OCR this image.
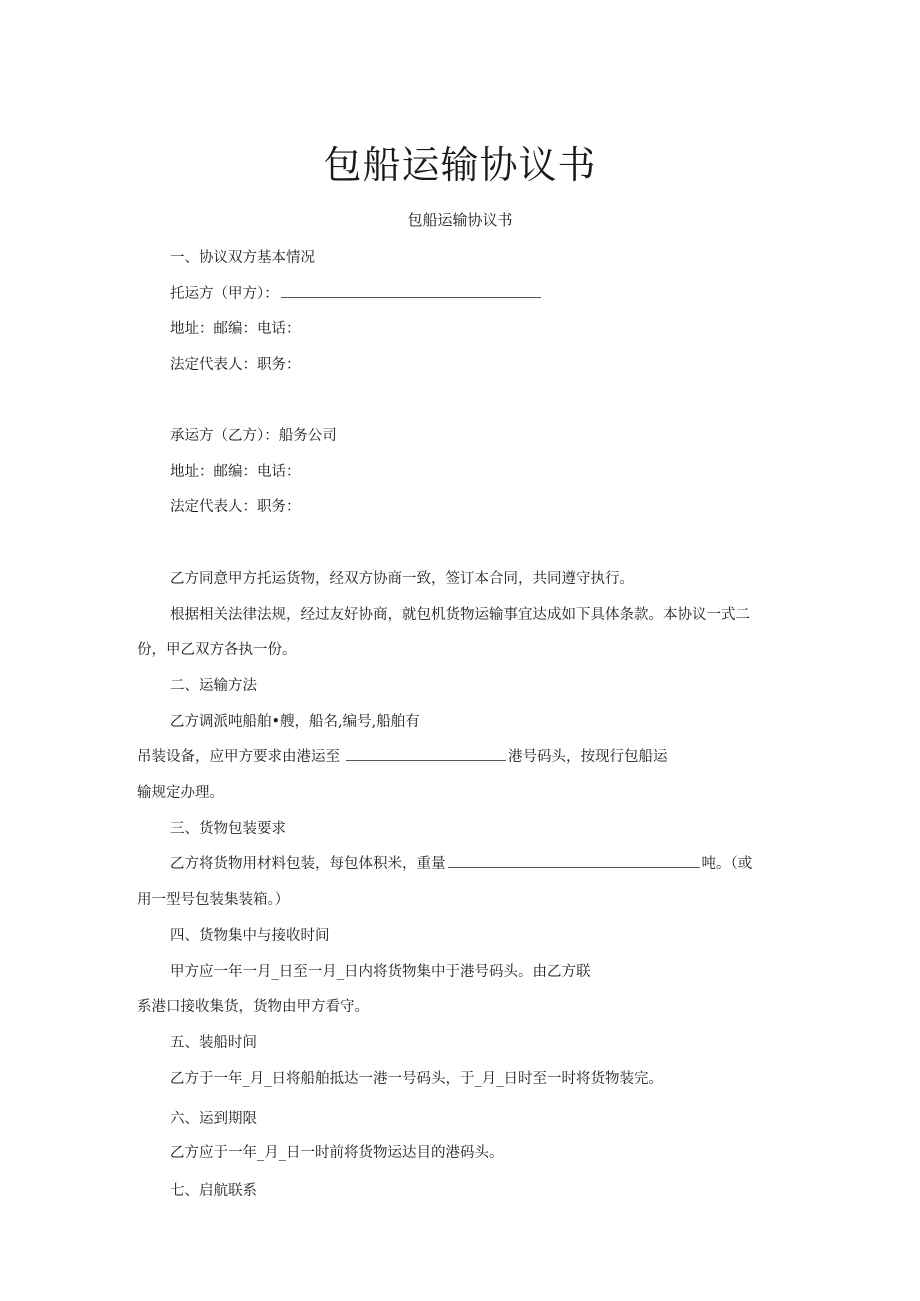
包船运输协议书
包船运输协议书
一、协议双方基本情况
托运方（甲方）：
地址：邮编：电话：
法定代表人：职务：
承运方（乙方）：船务公司
地址：邮编：电话：
法定代表人：职务：
乙方同意甲方托运货物，经双方协商一致，签订本合同，共同遵守执行。
根据相关法律法规，经过友好协商，就包机货物运输事宜达成如下具体条款。本协议一式二
份，甲乙双方各执一份。
二、运输方法
乙方调派吨船舶•艘，船名,编号,船舶有
吊装设备，应甲方要求由港运至	港号码头，按现行包船运
输规定办理。
三、货物包装要求
乙方将货物用材料包装，每包体积米，重量	吨。（或
用一型号包装集装箱。）
四、货物集中与接收时间
甲方应一年一月_日至一月_日内将货物集中于港号码头。由乙方联
系港口接收集货，货物由甲方看守。
五、装船时间
乙方于一年_月_日将船舶抵达一港一号码头，于_月_日时至一时将货物装完。
六、运到期限
乙方应于一年_月_日一时前将货物运达目的港码头。
七、启航联系
